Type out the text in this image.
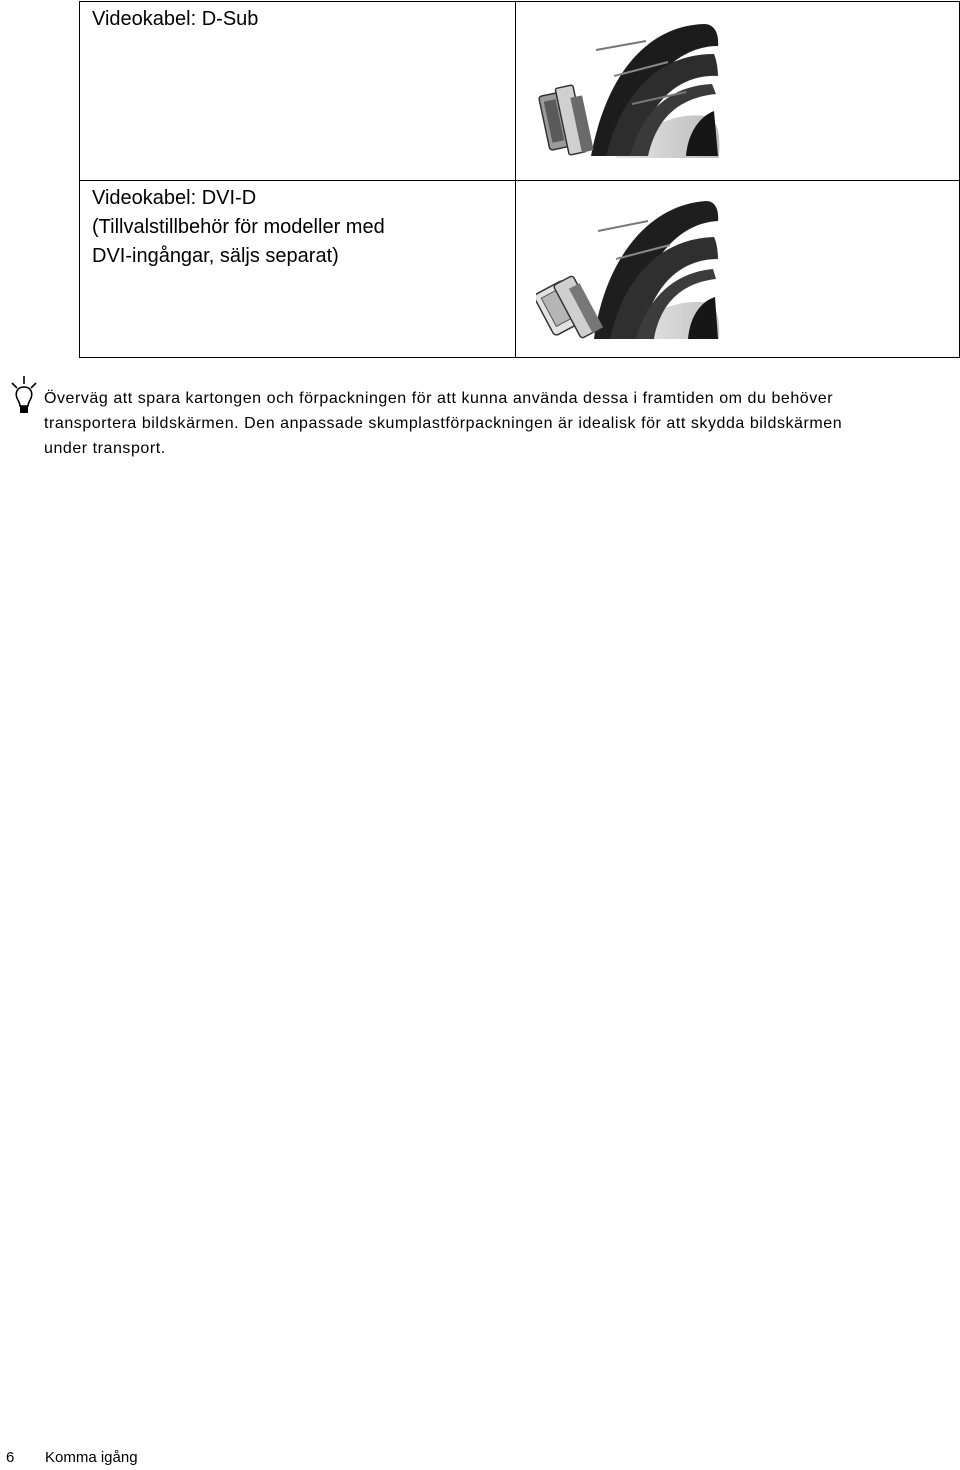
Videokabel: D-Sub

Videokabel: DVI-D
(Tillvalstillbehör för modeller med
DVI-ingångar, säljs separat)

Överväg att spara kartongen och förpackningen för att kunna använda dessa i framtiden om du behöver
transportera bildskärmen. Den anpassade skumplastförpackningen är idealisk för att skydda bildskärmen
under transport.
6 Komma igång
